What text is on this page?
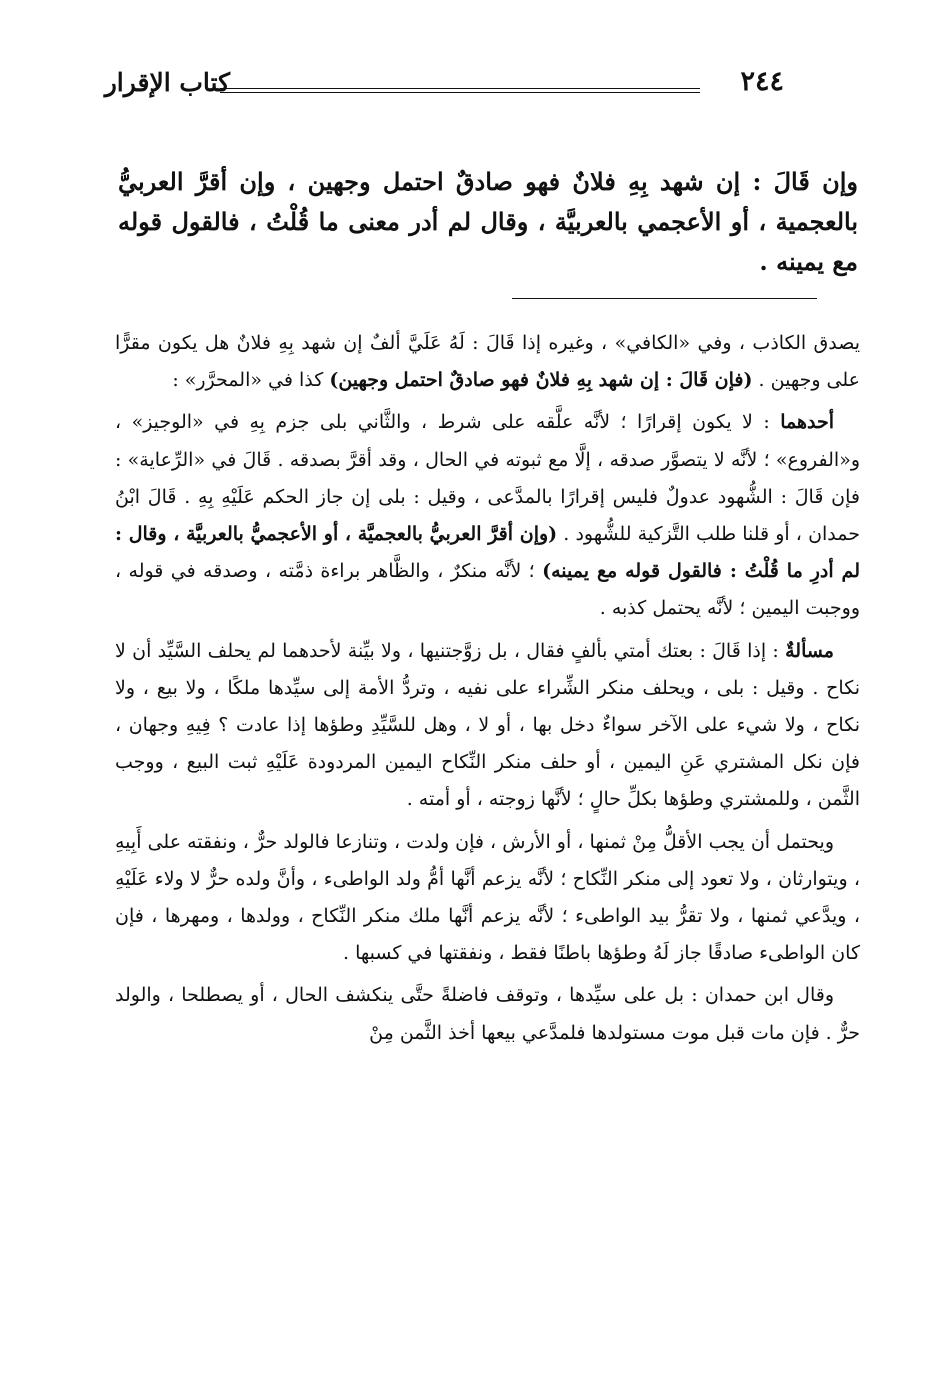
٢٤٤
كتاب الإقرار
وإن قَالَ : إن شهد بِهِ فلانٌ فهو صادقٌ احتمل وجهين ، وإن أقرَّ العربيُّ بالعجمية ، أو الأعجمي بالعربيَّة ، وقال لم أدر معنى ما قُلْتُ ، فالقول قوله مع يمينه .

يصدق الكاذب ، وفي «الكافي» ، وغيره إذا قَالَ : لَهُ عَلَيَّ ألفٌ إن شهد بِهِ فلانٌ هل يكون مقرًّا على وجهين . (فإن قَالَ : إن شهد بِهِ فلانٌ فهو صادقٌ احتمل وجهين) كذا في «المحرَّر» :

أحدهما : لا يكون إقرارًا ؛ لأنَّه علَّقه على شرط ، والثَّاني بلى جزم بِهِ في «الوجيز» ، و«الفروع» ؛ لأنَّه لا يتصوَّر صدقه ، إلَّا مع ثبوته في الحال ، وقد أقرَّ بصدقه . قَالَ في «الرِّعاية» : فإن قَالَ : الشُّهود عدولٌ فليس إقرارًا بالمدَّعى ، وقيل : بلى إن جاز الحكم عَلَيْهِ بِهِ . قَالَ ابْنُ حمدان ، أو قلنا طلب التَّزكية للشُّهود . (وإن أقرَّ العربيُّ بالعجميَّة ، أو الأعجميُّ بالعربيَّة ، وقال : لم أدرِ ما قُلْتُ : فالقول قوله مع يمينه) ؛ لأنَّه منكرٌ ، والظَّاهر براءة ذمَّته ، وصدقه في قوله ، ووجبت اليمين ؛ لأنَّه يحتمل كذبه .

مسألةٌ : إذا قَالَ : بعتك أمتي بألفٍ فقال ، بل زوَّجتنيها ، ولا بيِّنة لأحدهما لم يحلف السَّيِّد أن لا نكاح . وقيل : بلى ، ويحلف منكر الشِّراء على نفيه ، وتردُّ الأمة إلى سيِّدها ملكًا ، ولا بيع ، ولا نكاح ، ولا شيء على الآخر سواءٌ دخل بها ، أو لا ، وهل للسَّيِّدِ وطؤها إذا عادت ؟ فِيهِ وجهان ، فإن نكل المشتري عَنِ اليمين ، أو حلف منكر النِّكاح اليمين المردودة عَلَيْهِ ثبت البيع ، ووجب الثَّمن ، وللمشتري وطؤها بكلِّ حالٍ ؛ لأنَّها زوجته ، أو أمته .

ويحتمل أن يجب الأقلُّ مِنْ ثمنها ، أو الأرش ، فإن ولدت ، وتنازعا فالولد حرٌّ ، ونفقته على أَبِيهِ ، ويتوارثان ، ولا تعود إلى منكر النِّكاح ؛ لأنَّه يزعم أنَّها أمُّ ولد الواطىء ، وأنَّ ولده حرٌّ لا ولاء عَلَيْهِ ، ويدَّعي ثمنها ، ولا تقرُّ بيد الواطىء ؛ لأنَّه يزعم أنَّها ملك منكر النِّكاح ، وولدها ، ومهرها ، فإن كان الواطىء صادقًا جاز لَهُ وطؤها باطنًا فقط ، ونفقتها في كسبها .

وقال ابن حمدان : بل على سيِّدها ، وتوقف فاضلةً حتَّى ينكشف الحال ، أو يصطلحا ، والولد حرٌّ . فإن مات قبل موت مستولدها فلمدَّعي بيعها أخذ الثَّمن مِنْ
